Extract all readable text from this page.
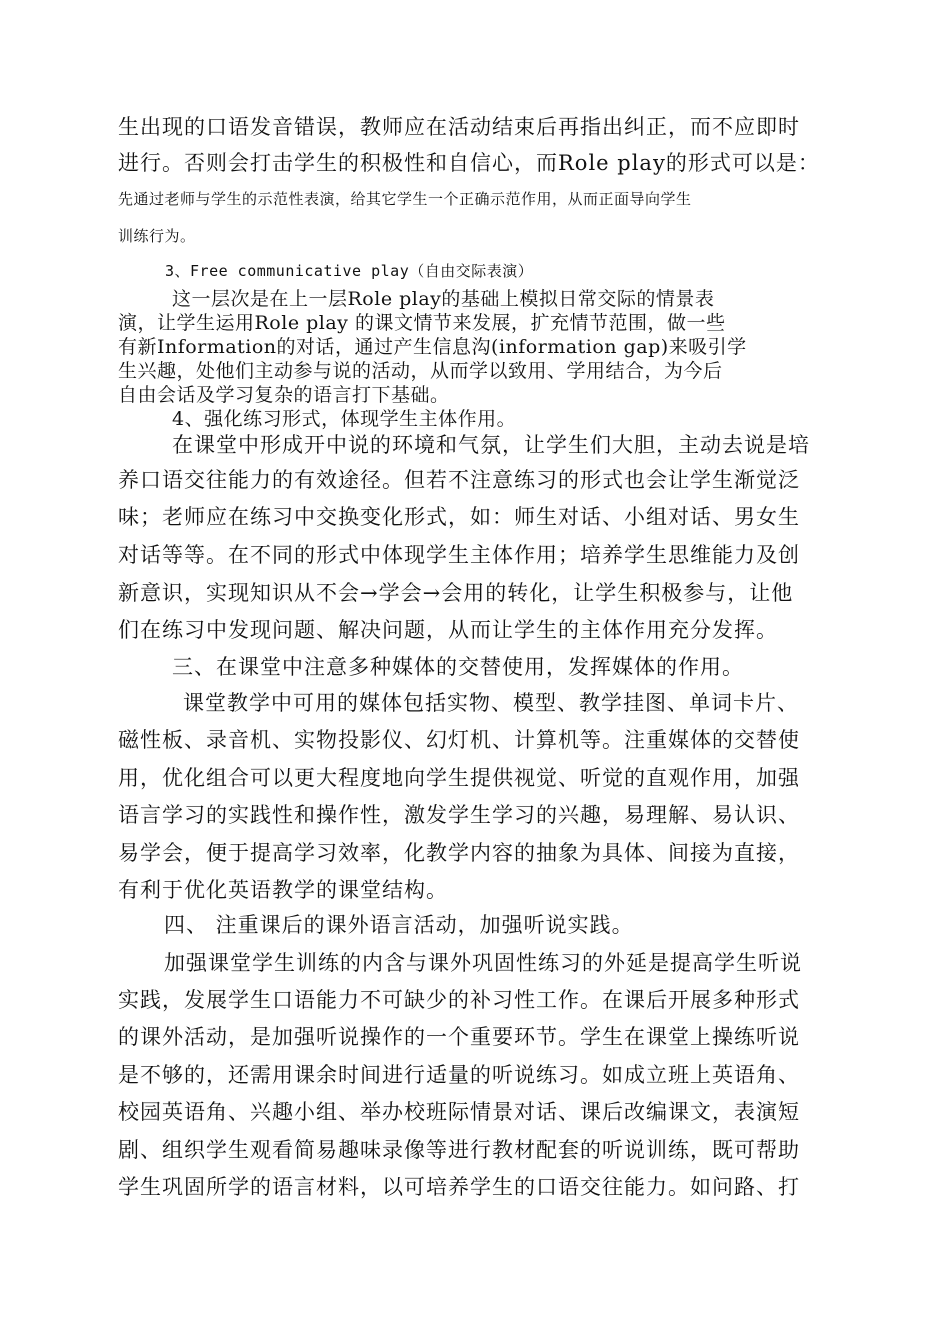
生出现的口语发音错误，教师应在活动结束后再指出纠正，而不应即时

进行。否则会打击学生的积极性和自信心，而Role play的形式可以是：

先通过老师与学生的示范性表演，给其它学生一个正确示范作用，从而正面导向学生

训练行为。

3、Free communicative play（自由交际表演）

这一层次是在上一层Role play的基础上模拟日常交际的情景表

演，让学生运用Role play 的课文情节来发展，扩充情节范围，做一些

有新Information的对话，通过产生信息沟(information gap)来吸引学

生兴趣，处他们主动参与说的活动，从而学以致用、学用结合，为今后

自由会话及学习复杂的语言打下基础。

4、强化练习形式，体现学生主体作用。

在课堂中形成开中说的环境和气氛，让学生们大胆，主动去说是培

养口语交往能力的有效途径。但若不注意练习的形式也会让学生渐觉泛

味；老师应在练习中交换变化形式，如：师生对话、小组对话、男女生

对话等等。在不同的形式中体现学生主体作用；培养学生思维能力及创

新意识，实现知识从不会→学会→会用的转化，让学生积极参与，让他

们在练习中发现问题、解决问题，从而让学生的主体作用充分发挥。

三、在课堂中注意多种媒体的交替使用，发挥媒体的作用。

课堂教学中可用的媒体包括实物、模型、教学挂图、单词卡片、

磁性板、录音机、实物投影仪、幻灯机、计算机等。注重媒体的交替使

用，优化组合可以更大程度地向学生提供视觉、听觉的直观作用，加强

语言学习的实践性和操作性，激发学生学习的兴趣，易理解、易认识、

易学会，便于提高学习效率，化教学内容的抽象为具体、间接为直接，

有利于优化英语教学的课堂结构。

四、 注重课后的课外语言活动，加强听说实践。

加强课堂学生训练的内含与课外巩固性练习的外延是提高学生听说

实践，发展学生口语能力不可缺少的补习性工作。在课后开展多种形式

的课外活动，是加强听说操作的一个重要环节。学生在课堂上操练听说

是不够的，还需用课余时间进行适量的听说练习。如成立班上英语角、

校园英语角、兴趣小组、举办校班际情景对话、课后改编课文，表演短

剧、组织学生观看简易趣味录像等进行教材配套的听说训练，既可帮助

学生巩固所学的语言材料，以可培养学生的口语交往能力。如问路、打
